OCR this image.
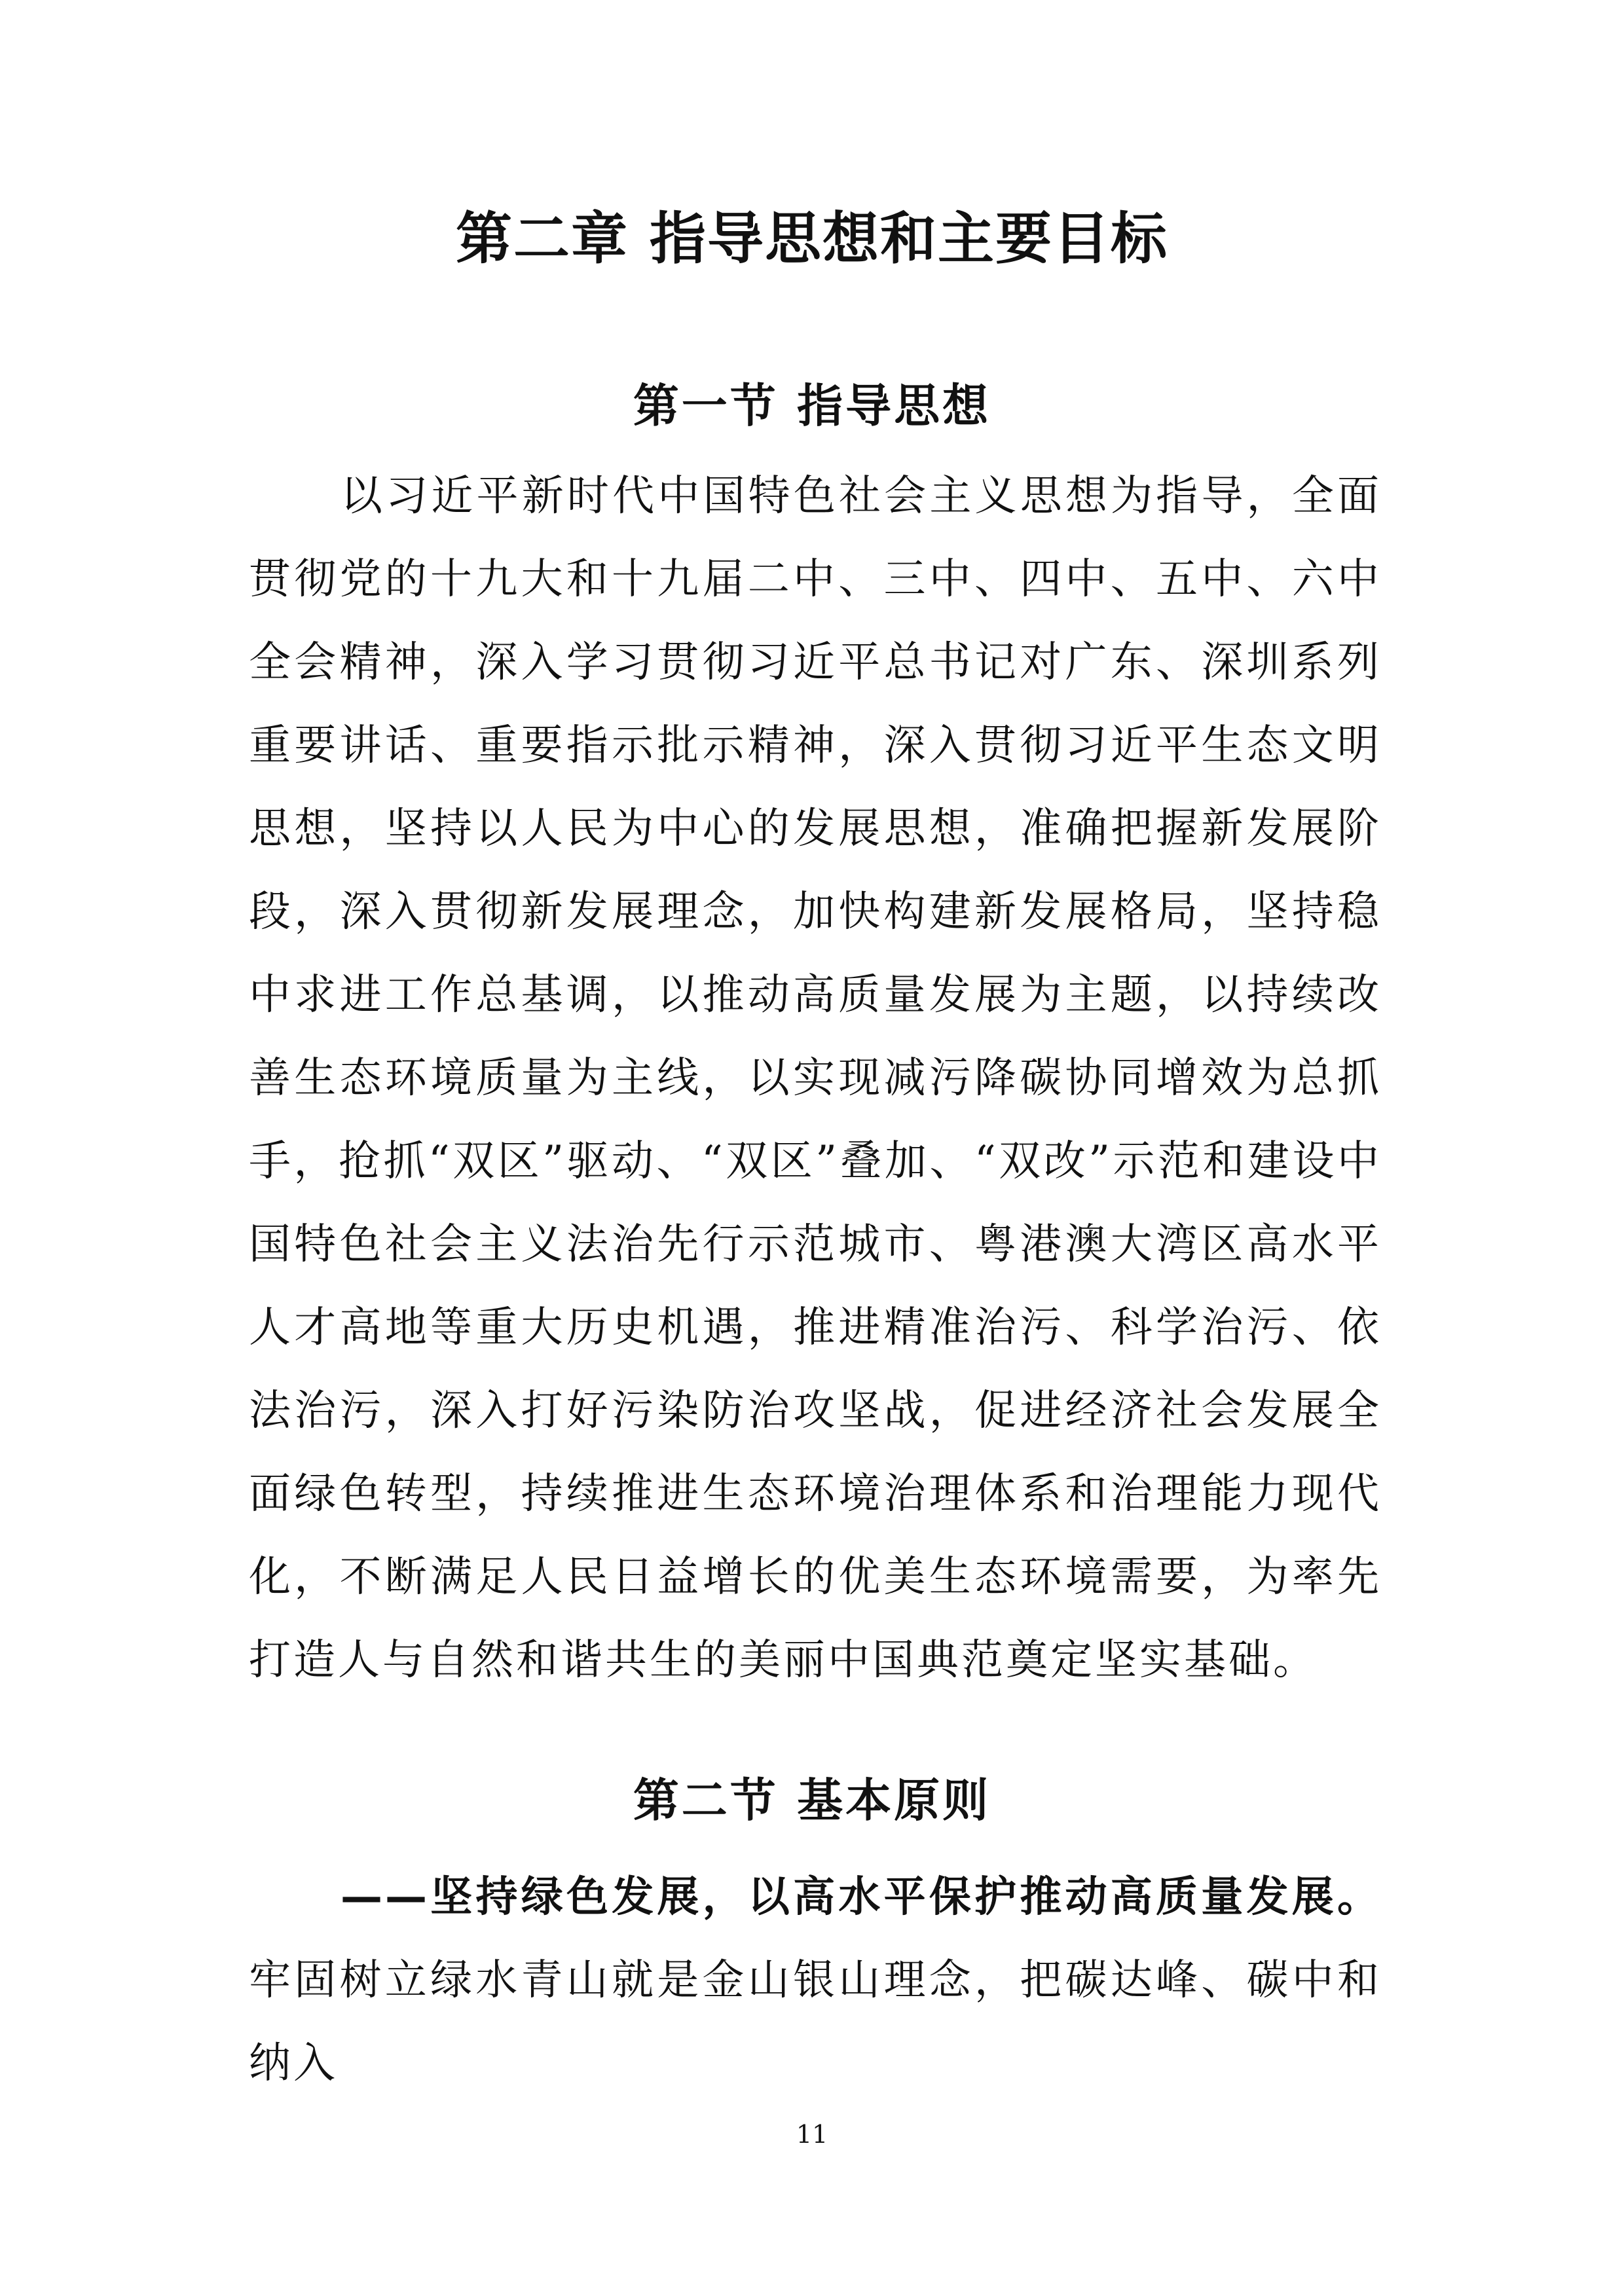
第二章 指导思想和主要目标
第一节 指导思想

以习近平新时代中国特色社会主义思想为指导，全面贯彻党的十九大和十九届二中、三中、四中、五中、六中全会精神，深入学习贯彻习近平总书记对广东、深圳系列重要讲话、重要指示批示精神，深入贯彻习近平生态文明思想，坚持以人民为中心的发展思想，准确把握新发展阶段，深入贯彻新发展理念，加快构建新发展格局，坚持稳中求进工作总基调，以推动高质量发展为主题，以持续改善生态环境质量为主线，以实现减污降碳协同增效为总抓手，抢抓“双区”驱动、“双区”叠加、“双改”示范和建设中国特色社会主义法治先行示范城市、粤港澳大湾区高水平人才高地等重大历史机遇，推进精准治污、科学治污、依法治污，深入打好污染防治攻坚战，促进经济社会发展全面绿色转型，持续推进生态环境治理体系和治理能力现代化，不断满足人民日益增长的优美生态环境需要，为率先打造人与自然和谐共生的美丽中国典范奠定坚实基础。

第二节 基本原则

——坚持绿色发展，以高水平保护推动高质量发展。牢固树立绿水青山就是金山银山理念，把碳达峰、碳中和纳入

11
